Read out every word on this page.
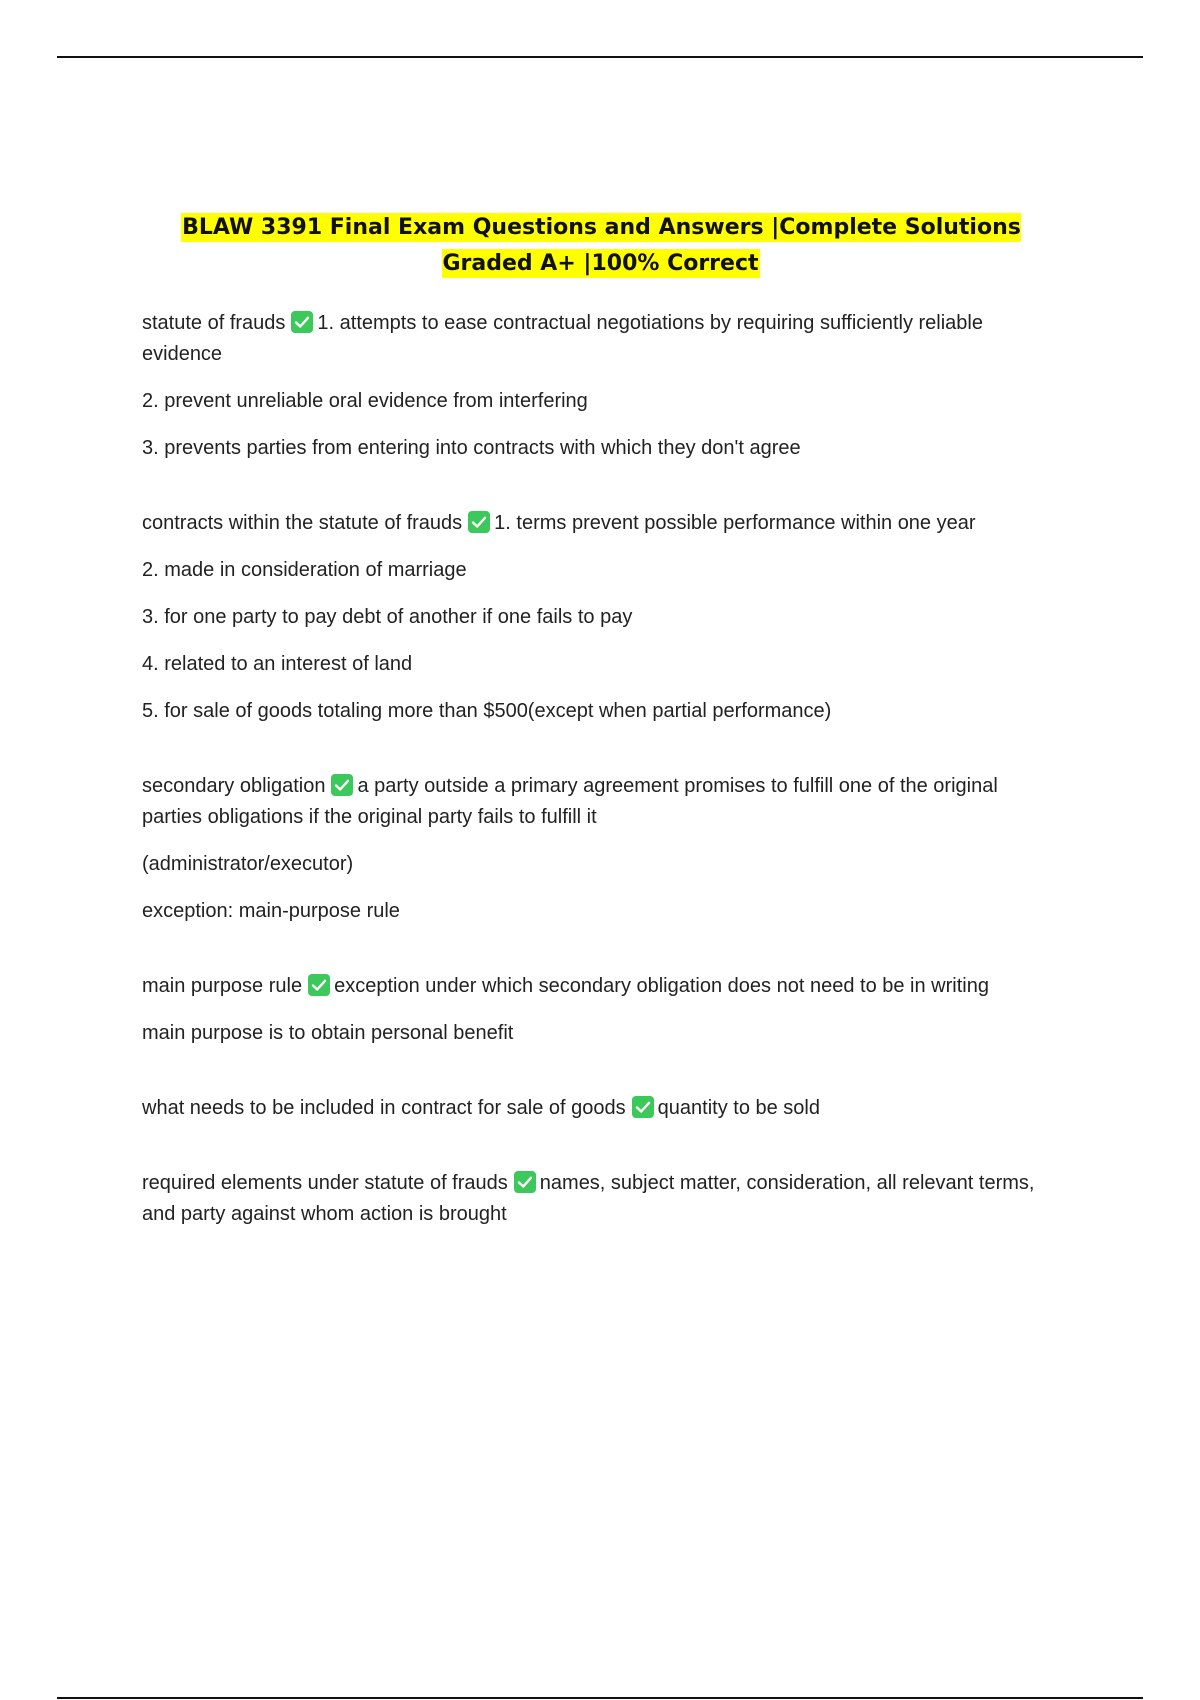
BLAW 3391 Final Exam Questions and Answers |Complete Solutions Graded A+ |100% Correct

statute of frauds 1. attempts to ease contractual negotiations by requiring sufficiently reliable evidence

2. prevent unreliable oral evidence from interfering

3. prevents parties from entering into contracts with which they don't agree

contracts within the statute of frauds 1. terms prevent possible performance within one year

2. made in consideration of marriage

3. for one party to pay debt of another if one fails to pay

4. related to an interest of land

5. for sale of goods totaling more than $500(except when partial performance)

secondary obligation a party outside a primary agreement promises to fulfill one of the original parties obligations if the original party fails to fulfill it

(administrator/executor)

exception: main-purpose rule

main purpose rule exception under which secondary obligation does not need to be in writing

main purpose is to obtain personal benefit

what needs to be included in contract for sale of goods quantity to be sold

required elements under statute of frauds names, subject matter, consideration, all relevant terms, and party against whom action is brought
